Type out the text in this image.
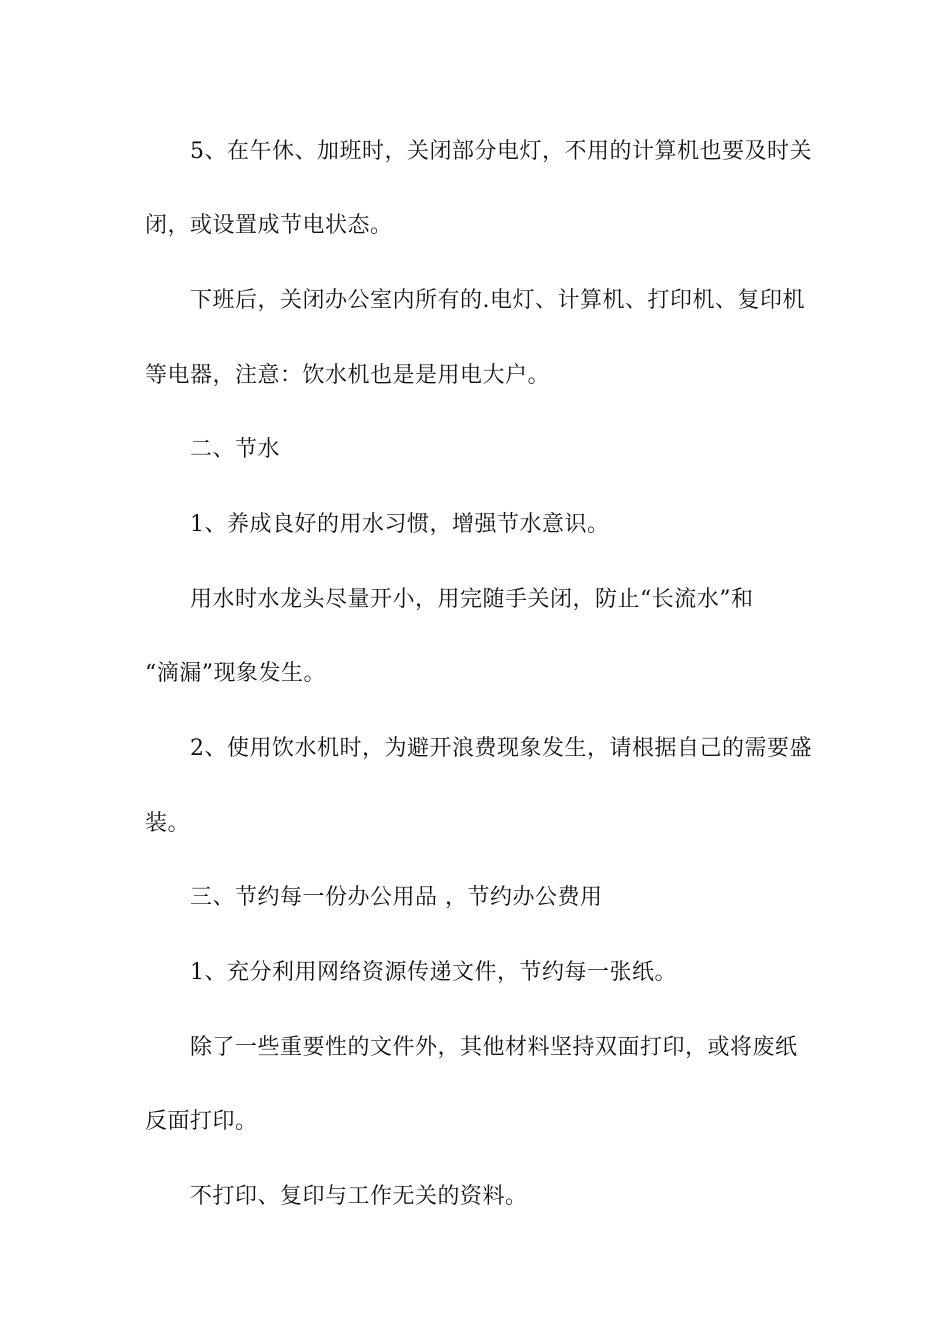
5、在午休、加班时，关闭部分电灯，不用的计算机也要及时关
闭，或设置成节电状态。
下班后，关闭办公室内所有的.电灯、计算机、打印机、复印机
等电器，注意：饮水机也是是用电大户。
二、节水
1、养成良好的用水习惯，增强节水意识。
用水时水龙头尽量开小，用完随手关闭，防止“长流水”和
“滴漏”现象发生。
2、使用饮水机时，为避开浪费现象发生，请根据自己的需要盛
装。
三、节约每一份办公用品 ，节约办公费用
1、充分利用网络资源传递文件，节约每一张纸。
除了一些重要性的文件外，其他材料坚持双面打印，或将废纸
反面打印。
不打印、复印与工作无关的资料。
